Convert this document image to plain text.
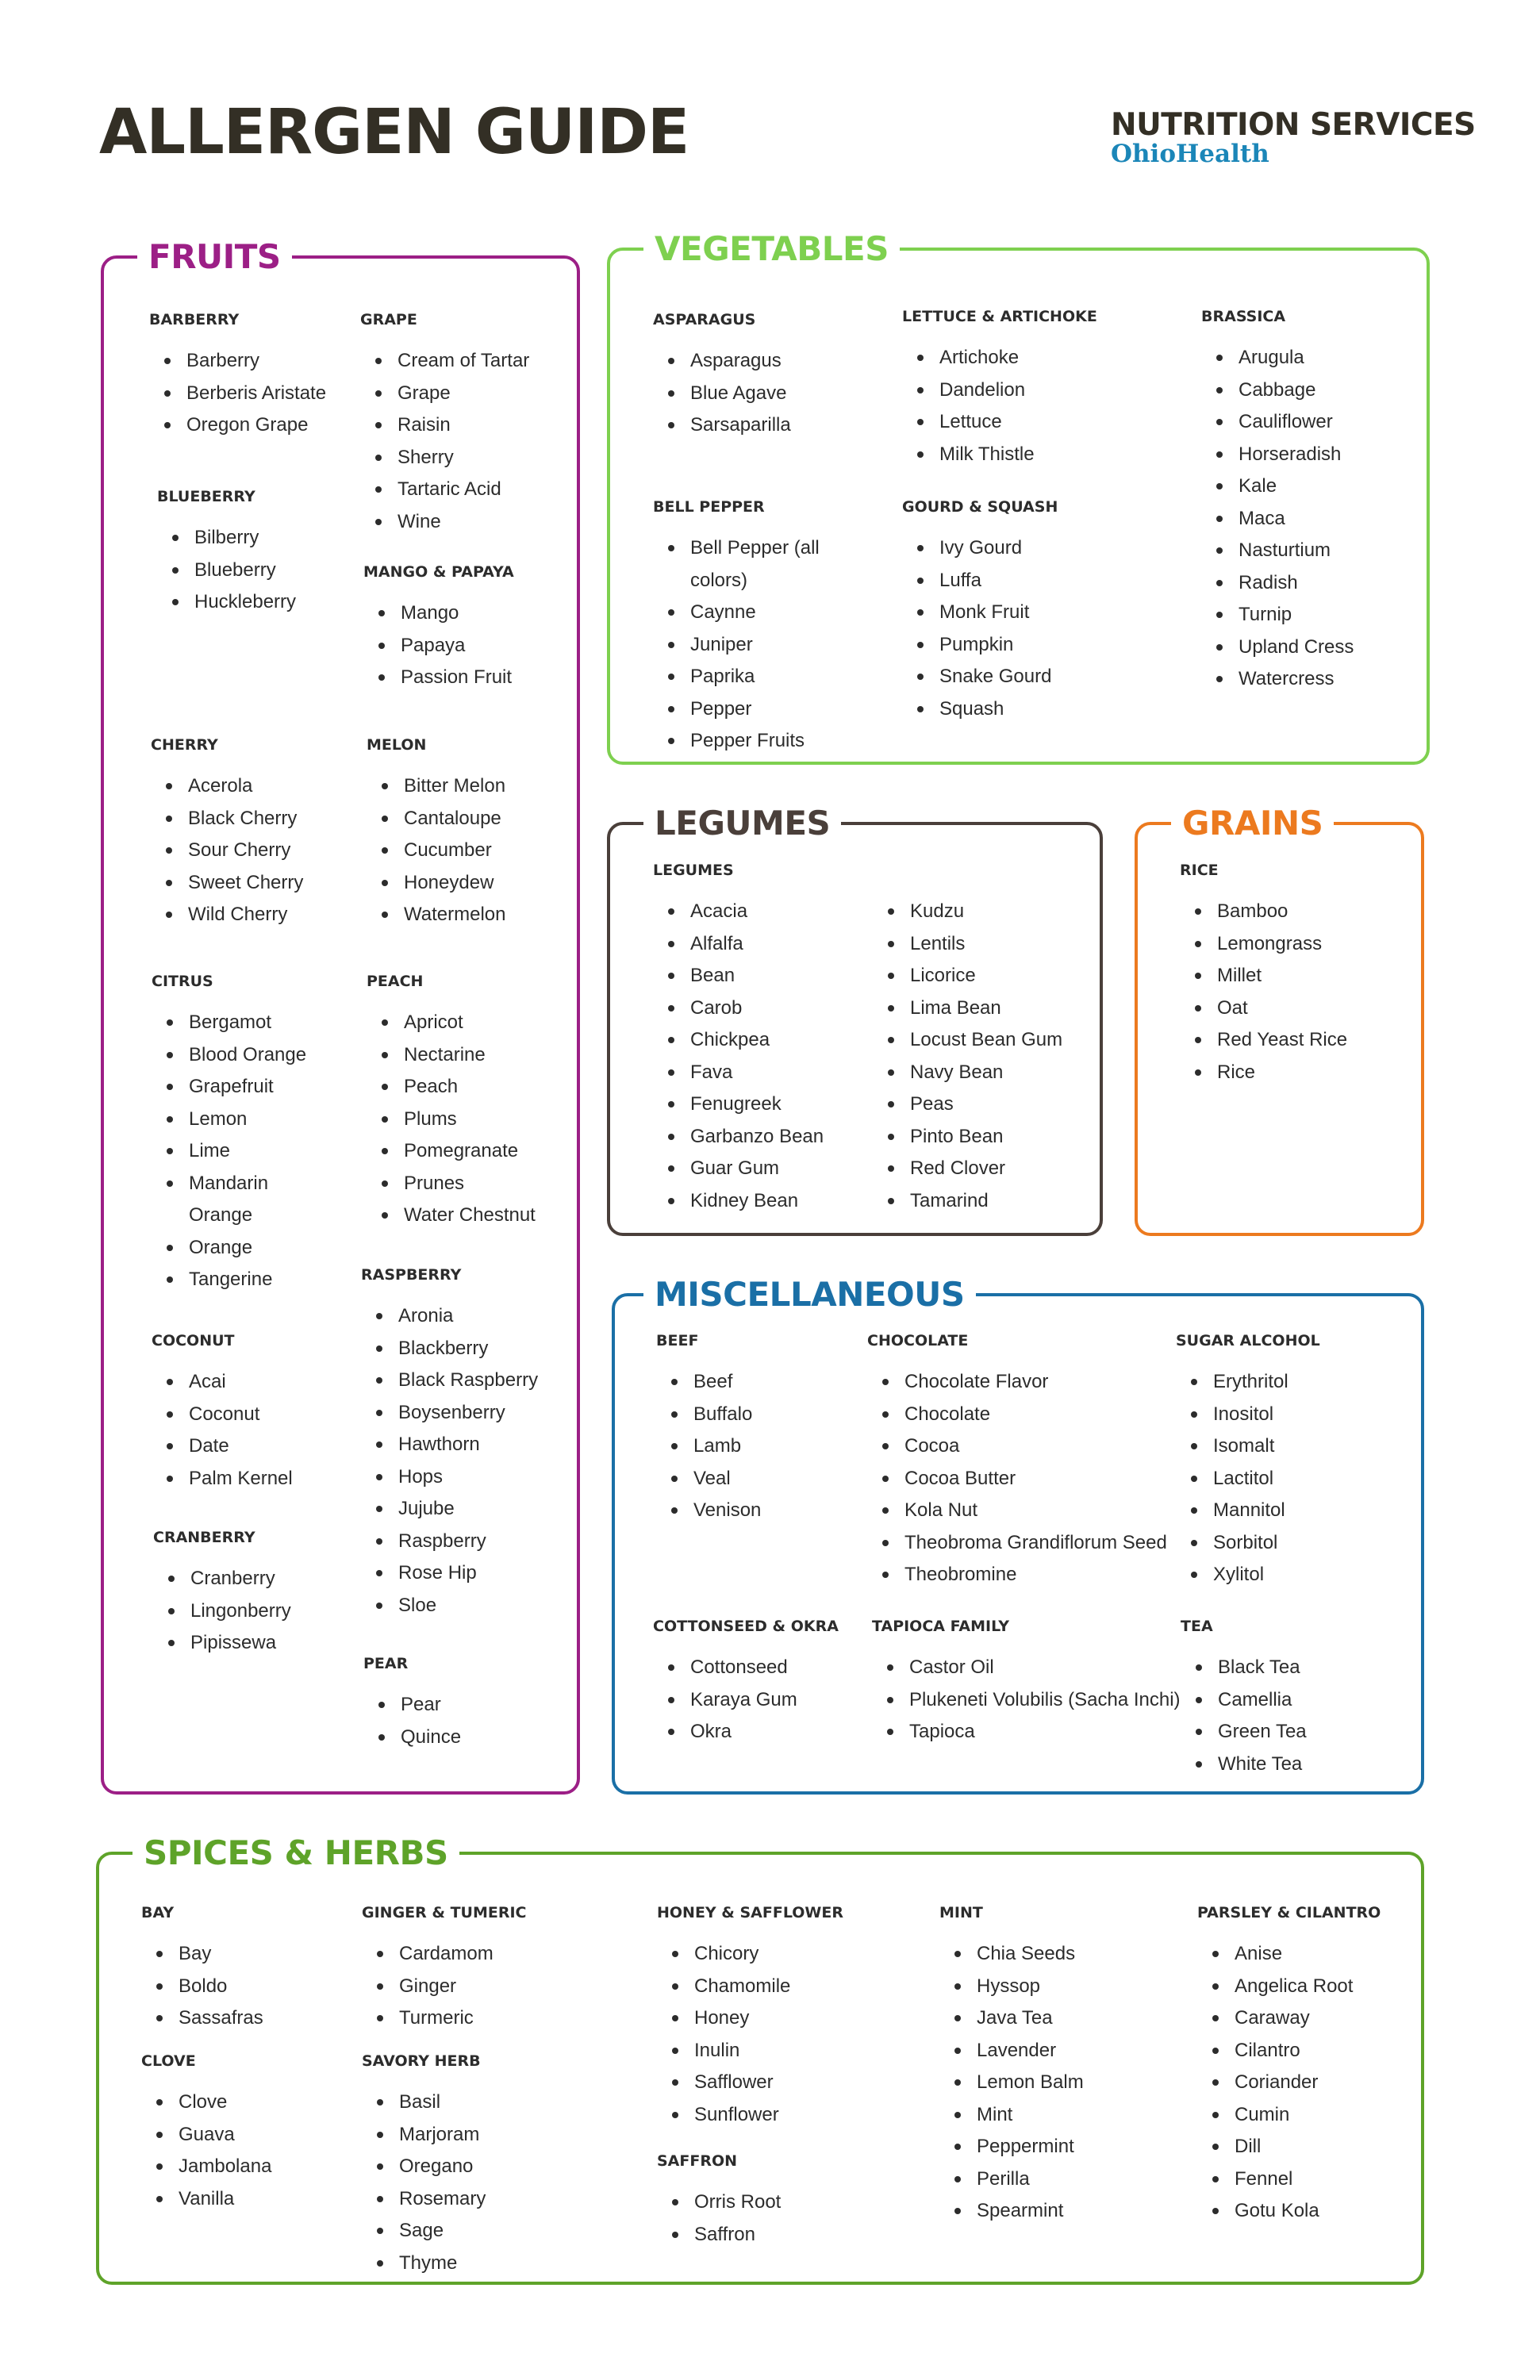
ALLERGEN GUIDE	NUTRITION SERVICES
OhioHealth
FRUITS
BARBERRY
Barberry
Berberis Aristate
Oregon Grape
BLUEBERRY
Bilberry
Blueberry
Huckleberry
CHERRY
Acerola
Black Cherry
Sour Cherry
Sweet Cherry
Wild Cherry
CITRUS
Bergamot
Blood Orange
Grapefruit
Lemon
Lime
Mandarin Orange
Orange
Tangerine
COCONUT
Acai
Coconut
Date
Palm Kernel
CRANBERRY
Cranberry
Lingonberry
Pipissewa
GRAPE
Cream of Tartar
Grape
Raisin
Sherry
Tartaric Acid
Wine
MANGO & PAPAYA
Mango
Papaya
Passion Fruit
MELON
Bitter Melon
Cantaloupe
Cucumber
Honeydew
Watermelon
PEACH
Apricot
Nectarine
Peach
Plums
Pomegranate
Prunes
Water Chestnut
RASPBERRY
Aronia
Blackberry
Black Raspberry
Boysenberry
Hawthorn
Hops
Jujube
Raspberry
Rose Hip
Sloe
PEAR
Pear
Quince
VEGETABLES
ASPARAGUS
Asparagus
Blue Agave
Sarsaparilla
BELL PEPPER
Bell Pepper (all colors)
Caynne
Juniper
Paprika
Pepper
Pepper Fruits
LETTUCE & ARTICHOKE
Artichoke
Dandelion
Lettuce
Milk Thistle
GOURD & SQUASH
Ivy Gourd
Luffa
Monk Fruit
Pumpkin
Snake Gourd
Squash
BRASSICA
Arugula
Cabbage
Cauliflower
Horseradish
Kale
Maca
Nasturtium
Radish
Turnip
Upland Cress
Watercress
LEGUMES
LEGUMES
Acacia
Alfalfa
Bean
Carob
Chickpea
Fava
Fenugreek
Garbanzo Bean
Guar Gum
Kidney Bean
Kudzu
Lentils
Licorice
Lima Bean
Locust Bean Gum
Navy Bean
Peas
Pinto Bean
Red Clover
Tamarind
GRAINS
RICE
Bamboo
Lemongrass
Millet
Oat
Red Yeast Rice
Rice
MISCELLANEOUS
BEEF
Beef
Buffalo
Lamb
Veal
Venison
COTTONSEED & OKRA
Cottonseed
Karaya Gum
Okra
CHOCOLATE
Chocolate Flavor
Chocolate
Cocoa
Cocoa Butter
Kola Nut
Theobroma Grandiflorum Seed
Theobromine
TAPIOCA FAMILY
Castor Oil
Plukeneti Volubilis (Sacha Inchi)
Tapioca
SUGAR ALCOHOL
Erythritol
Inositol
Isomalt
Lactitol
Mannitol
Sorbitol
Xylitol
TEA
Black Tea
Camellia
Green Tea
White Tea
SPICES & HERBS
BAY
Bay
Boldo
Sassafras
CLOVE
Clove
Guava
Jambolana
Vanilla
GINGER & TUMERIC
Cardamom
Ginger
Turmeric
SAVORY HERB
Basil
Marjoram
Oregano
Rosemary
Sage
Thyme
HONEY & SAFFLOWER
Chicory
Chamomile
Honey
Inulin
Safflower
Sunflower
SAFFRON
Orris Root
Saffron
MINT
Chia Seeds
Hyssop
Java Tea
Lavender
Lemon Balm
Mint
Peppermint
Perilla
Spearmint
PARSLEY & CILANTRO
Anise
Angelica Root
Caraway
Cilantro
Coriander
Cumin
Dill
Fennel
Gotu Kola
